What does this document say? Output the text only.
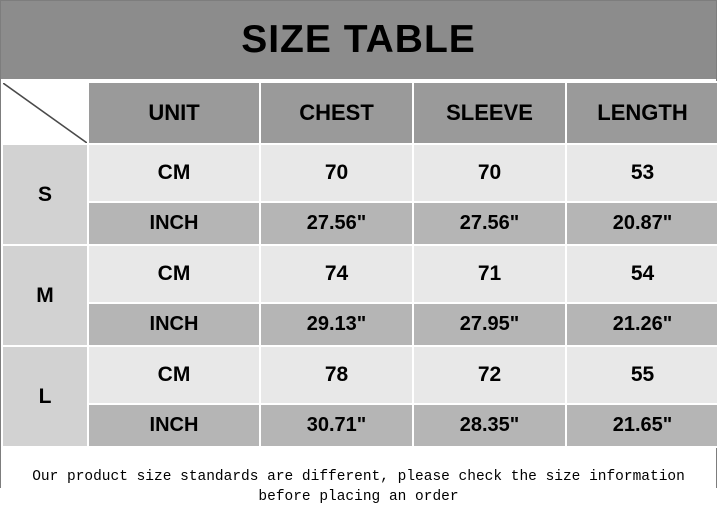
SIZE TABLE
	UNIT	CHEST	SLEEVE	LENGTH
S	CM	70	70	53
	INCH	27.56"	27.56"	20.87"
M	CM	74	71	54
	INCH	29.13"	27.95"	21.26"
L	CM	78	72	55
	INCH	30.71"	28.35"	21.65"
Our product size standards are different, please check the size information
before placing an order
